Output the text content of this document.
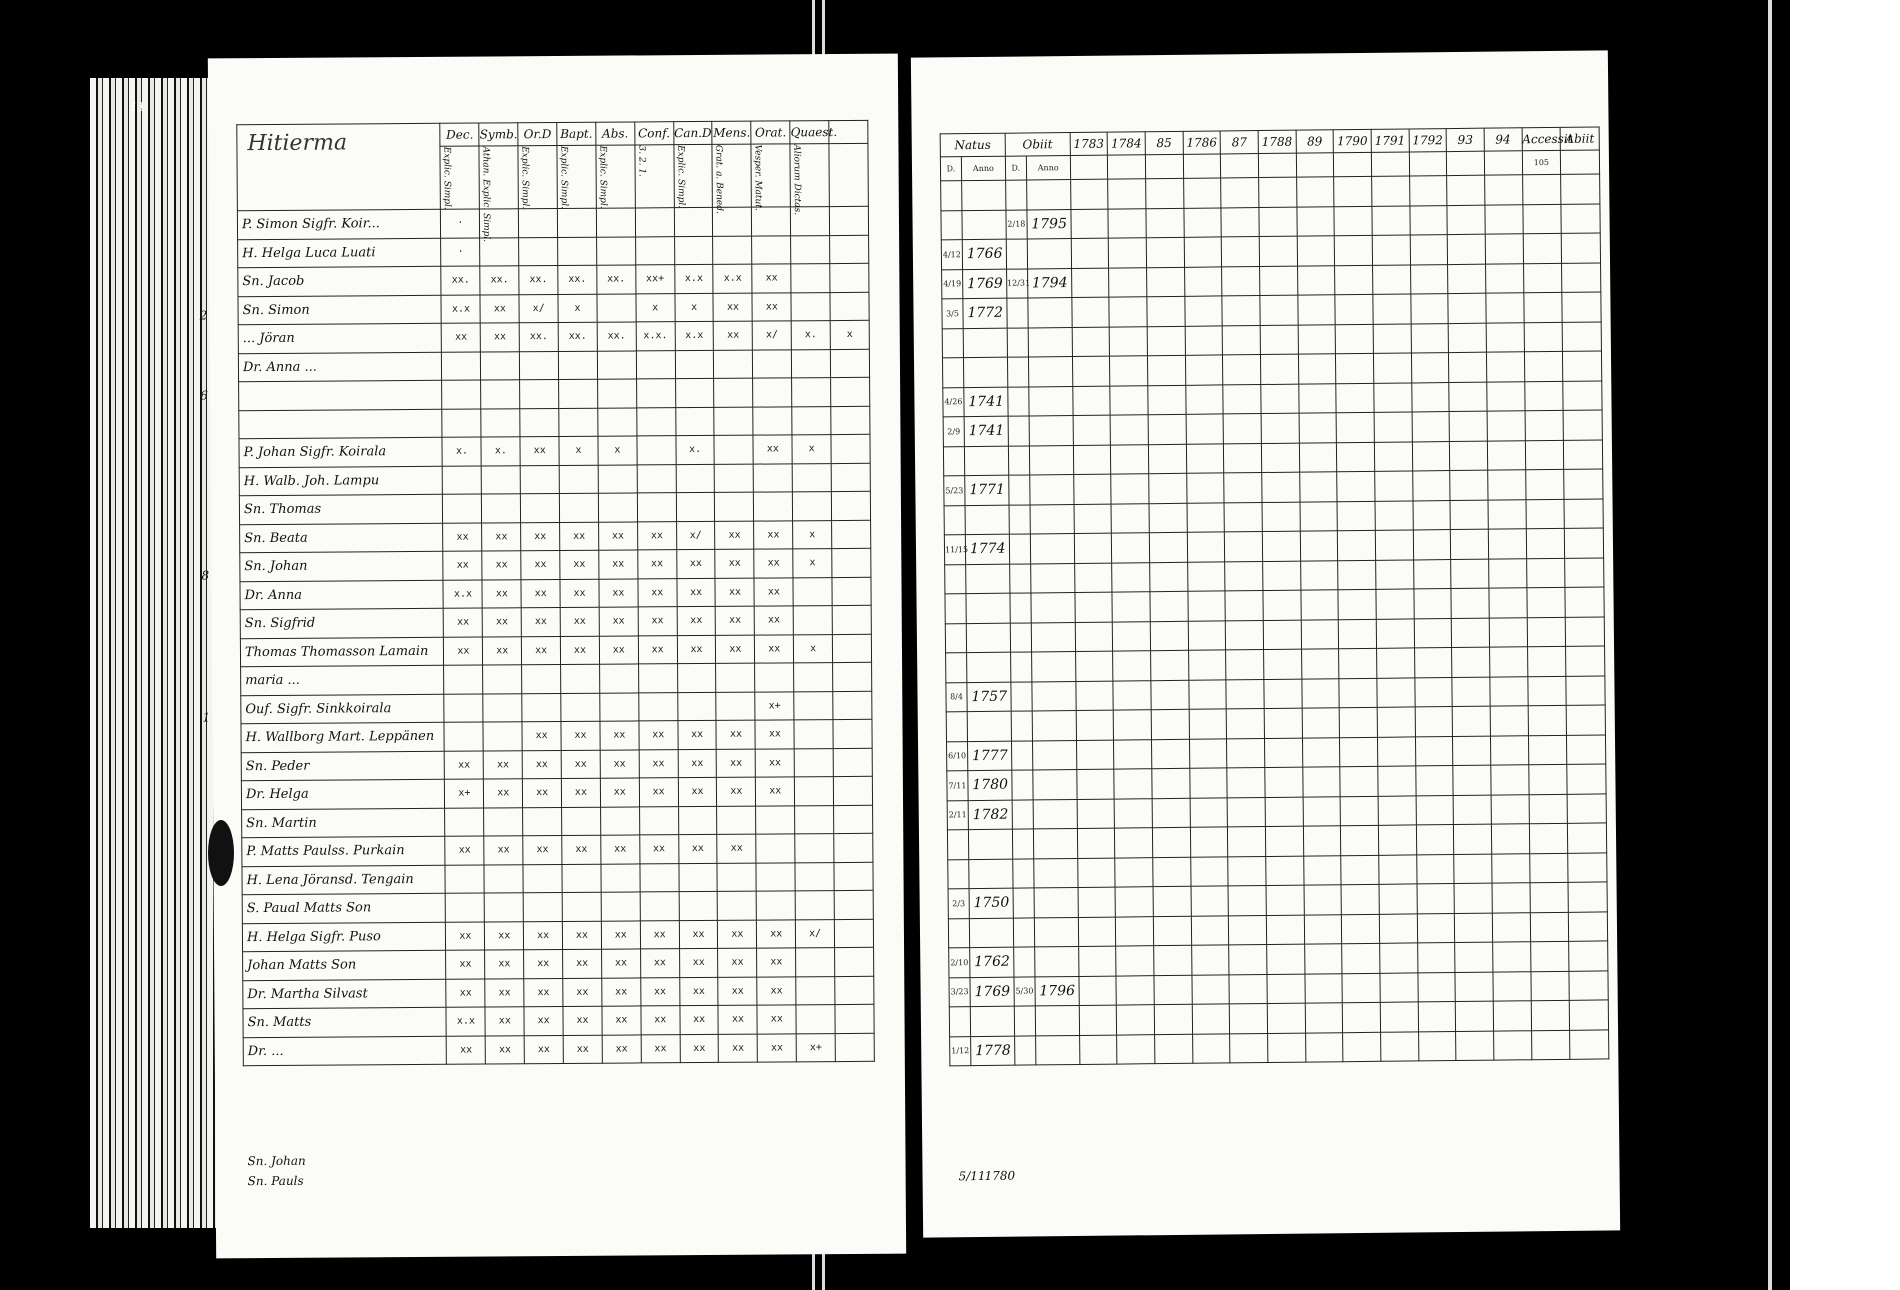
Hitierma	Dec.	Symb.	Or.D	Bapt.	Abs.	Conf.	Can.D	Mens.	Orat.	Quaest.	
	Explic. Simpl.	Athan. Explic. Simpl.	Explic. Simpl.	Explic. Simpl.	Explic. Simpl.	3. 2. 1.	Explic. Simpl.	Grat. a. Bened.	Vesper. Matut.	Aliorum Dictas.	
P. Simon Sigfr. Koir...	·										
H. Helga Luca Luati	·										
Sn. Jacob	xx.	xx.	xx.	xx.	xx.	xx+	x.x	x.x	xx		
Sn. Simon	x.x	xx	x/	x		x	x	xx	xx		
... Jöran	xx	xx	xx.	xx.	xx.	x.x.	x.x	xx	x/	x.	x
Dr. Anna ...											

P. Johan Sigfr. Koirala	x.	x.	xx	x	x		x.		xx	x	
H. Walb. Joh. Lampu											
Sn. Thomas											
Sn. Beata	xx	xx	xx	xx	xx	xx	x/	xx	xx	x	
Sn. Johan	xx	xx	xx	xx	xx	xx	xx	xx	xx	x	
Dr. Anna	x.x	xx	xx	xx	xx	xx	xx	xx	xx		
Sn. Sigfrid	xx	xx	xx	xx	xx	xx	xx	xx	xx		
Thomas Thomasson Lamain	xx	xx	xx	xx	xx	xx	xx	xx	xx	x	
maria ...											
Ouf. Sigfr. Sinkkoirala									x+		
H. Wallborg Mart. Leppänen			xx	xx	xx	xx	xx	xx	xx		
Sn. Peder	xx	xx	xx	xx	xx	xx	xx	xx	xx		
Dr. Helga	x+	xx	xx	xx	xx	xx	xx	xx	xx		
Sn. Martin											
P. Matts Paulss. Purkain	xx	xx	xx	xx	xx	xx	xx	xx			
H. Lena Jöransd. Tengain											
S. Paual Matts Son											
H. Helga Sigfr. Puso	xx	xx	xx	xx	xx	xx	xx	xx	xx	x/	
Johan Matts Son	xx	xx	xx	xx	xx	xx	xx	xx	xx		
Dr. Martha Silvast	xx	xx	xx	xx	xx	xx	xx	xx	xx		
Sn. Matts	x.x	xx	xx	xx	xx	xx	xx	xx	xx		
Dr. ...	xx	xx	xx	xx	xx	xx	xx	xx	xx	x+	
2
6
8
1
Sn. Johan
Sn. Pauls
Natus		Obiit		1783	1784	85	1786	87	1788	89	1790	1791	1792	93	94	Accessit	Abiit
D.	Anno	D.	Anno													105	

		2/18	1795														
4/12	1766																
4/19	1769	12/31	1794														
3/5	1772																

4/26	1741																
2/9	1741																

5/23	1771																

11/15	1774																

8/4	1757																

6/10	1777																
7/11	1780																
2/11	1782																

2/3	1750																

2/10	1762																
3/23	1769	5/30	1796														

1/12	1778																
5/11
1780
11
